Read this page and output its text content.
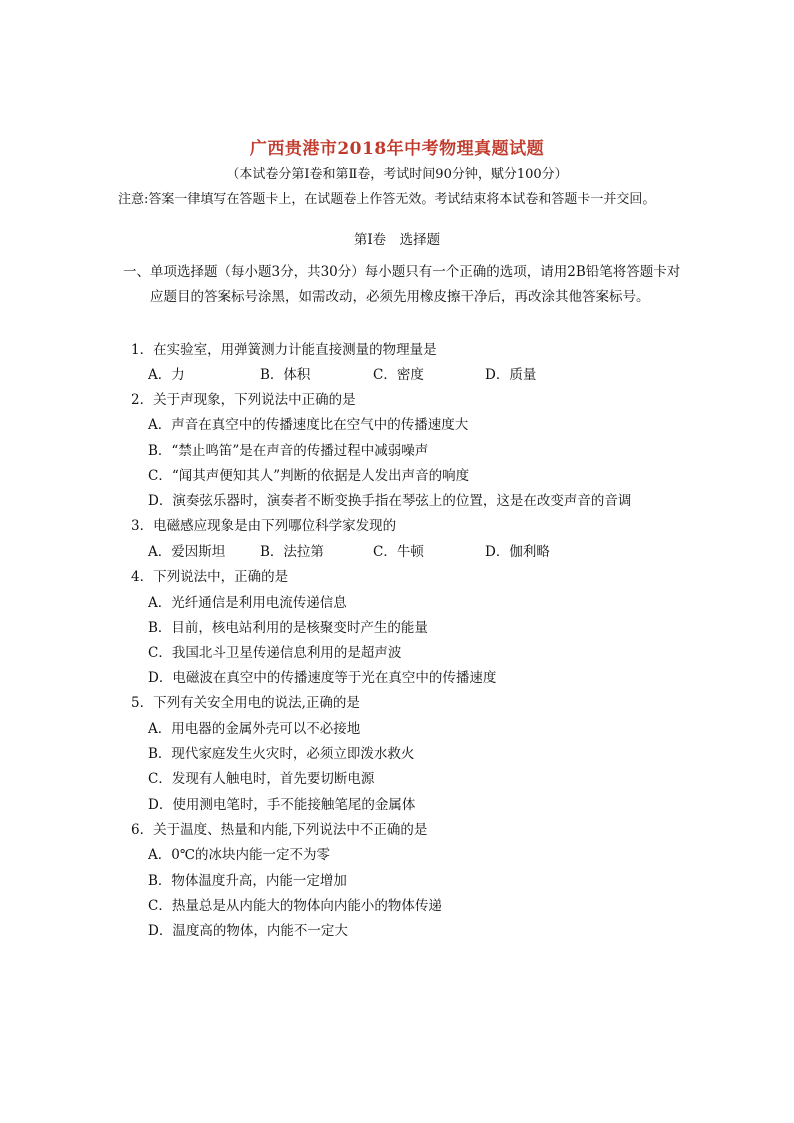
广西贵港市2018年中考物理真题试题
（本试卷分第Ⅰ卷和第Ⅱ卷，考试时间90分钟，赋分100分）
注意:答案一律填写在答题卡上，在试题卷上作答无效。考试结束将本试卷和答题卡一并交回。
第Ⅰ卷　选择题
一、 单项选择题（每小题3分，共30分）每小题只有一个正确的选项，请用2B铅笔将答题卡对应题目的答案标号涂黑，如需改动，必须先用橡皮擦干净后，再改涂其他答案标号。
1．在实验室，用弹簧测力计能直接测量的物理量是
A．力	B．体积	C．密度	D．质量
2．关于声现象，下列说法中正确的是
A．声音在真空中的传播速度比在空气中的传播速度大
B．“禁止鸣笛”是在声音的传播过程中减弱噪声
C．“闻其声便知其人”判断的依据是人发出声音的响度
D．演奏弦乐器时，演奏者不断变换手指在琴弦上的位置，这是在改变声音的音调
3．电磁感应现象是由下列哪位科学家发现的
A．爱因斯坦	B．法拉第	C．牛顿	D．伽利略
4．下列说法中，正确的是
A．光纤通信是利用电流传递信息
B．目前，核电站利用的是核聚变时产生的能量
C．我国北斗卫星传递信息利用的是超声波
D．电磁波在真空中的传播速度等于光在真空中的传播速度
5．下列有关安全用电的说法,正确的是
A．用电器的金属外壳可以不必接地
B．现代家庭发生火灾时，必须立即泼水救火
C．发现有人触电时，首先要切断电源
D．使用测电笔时，手不能接触笔尾的金属体
6．关于温度、热量和内能,下列说法中不正确的是
A．0℃的冰块内能一定不为零
B．物体温度升高，内能一定增加
C．热量总是从内能大的物体向内能小的物体传递
D．温度高的物体，内能不一定大
